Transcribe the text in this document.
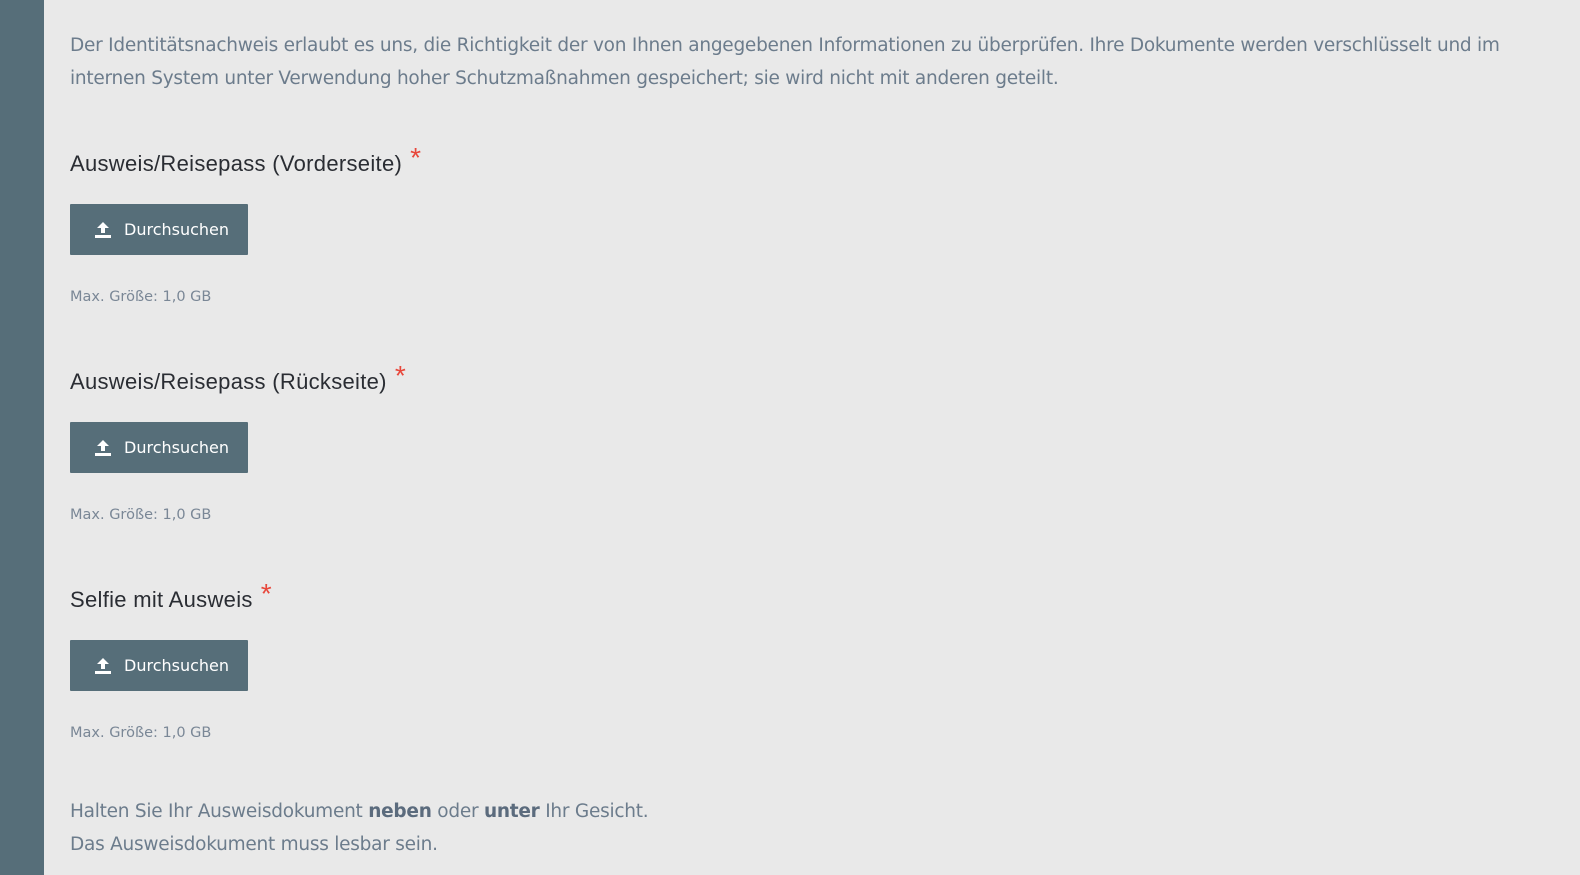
Der Identitätsnachweis erlaubt es uns, die Richtigkeit der von Ihnen angegebenen Informationen zu überprüfen. Ihre Dokumente werden verschlüsselt und im internen System unter Verwendung hoher Schutzmaßnahmen gespeichert; sie wird nicht mit anderen geteilt.

Ausweis/Reisepass (Vorderseite) *
Durchsuchen
Max. Größe: 1,0 GB
Ausweis/Reisepass (Rückseite) *
Durchsuchen
Max. Größe: 1,0 GB
Selfie mit Ausweis *
Durchsuchen
Max. Größe: 1,0 GB
Halten Sie Ihr Ausweisdokument neben oder unter Ihr Gesicht.
Das Ausweisdokument muss lesbar sein.
